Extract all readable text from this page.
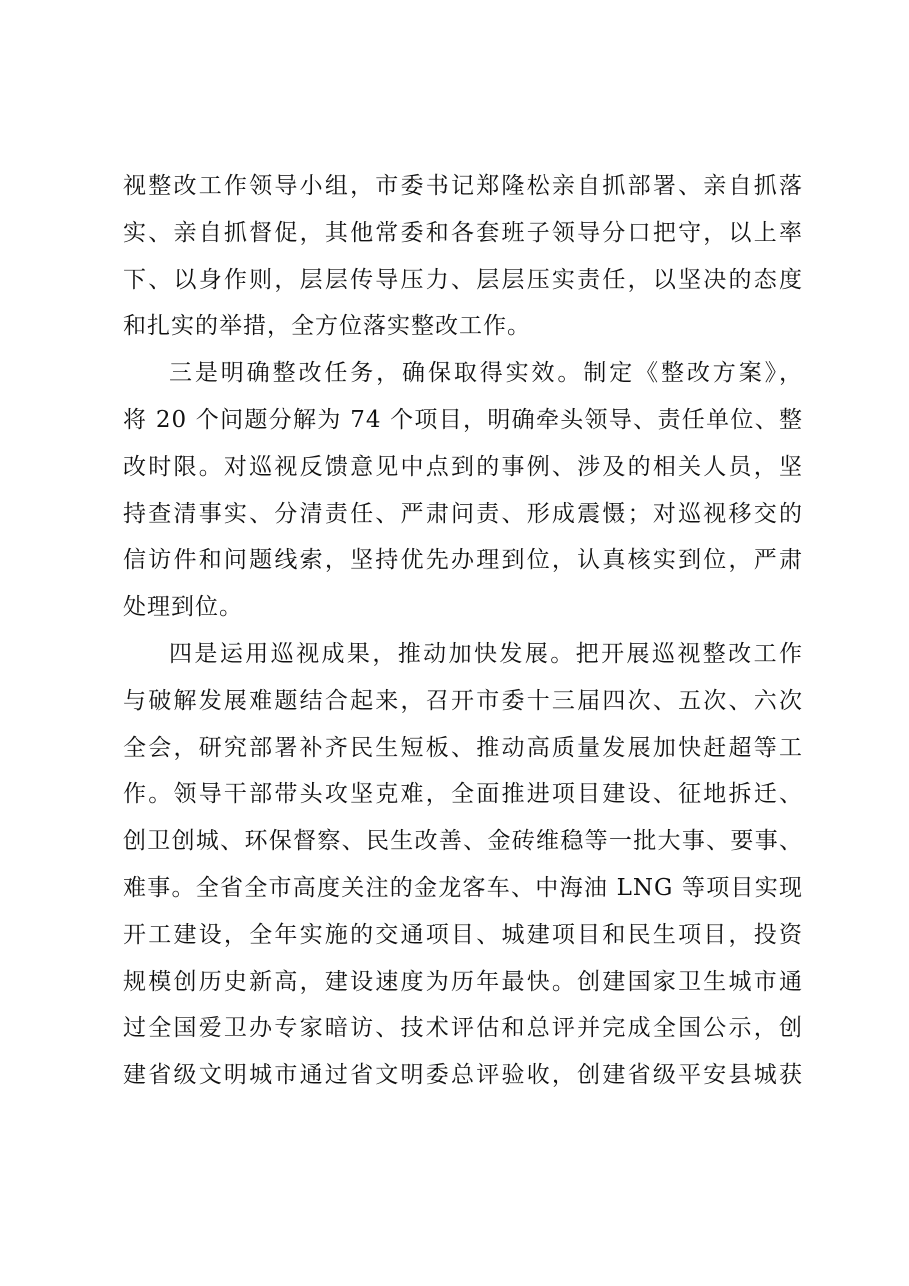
视整改工作领导小组，市委书记郑隆松亲自抓部署、亲自抓落
实、亲自抓督促，其他常委和各套班子领导分口把守，以上率
下、以身作则，层层传导压力、层层压实责任，以坚决的态度
和扎实的举措，全方位落实整改工作。
三是明确整改任务，确保取得实效。制定《整改方案》，
将 20 个问题分解为 74 个项目，明确牵头领导、责任单位、整
改时限。对巡视反馈意见中点到的事例、涉及的相关人员，坚
持查清事实、分清责任、严肃问责、形成震慑；对巡视移交的
信访件和问题线索，坚持优先办理到位，认真核实到位，严肃
处理到位。
四是运用巡视成果，推动加快发展。把开展巡视整改工作
与破解发展难题结合起来，召开市委十三届四次、五次、六次
全会，研究部署补齐民生短板、推动高质量发展加快赶超等工
作。领导干部带头攻坚克难，全面推进项目建设、征地拆迁、
创卫创城、环保督察、民生改善、金砖维稳等一批大事、要事、
难事。全省全市高度关注的金龙客车、中海油 LNG 等项目实现
开工建设，全年实施的交通项目、城建项目和民生项目，投资
规模创历史新高，建设速度为历年最快。创建国家卫生城市通
过全国爱卫办专家暗访、技术评估和总评并完成全国公示，创
建省级文明城市通过省文明委总评验收，创建省级平安县城获
